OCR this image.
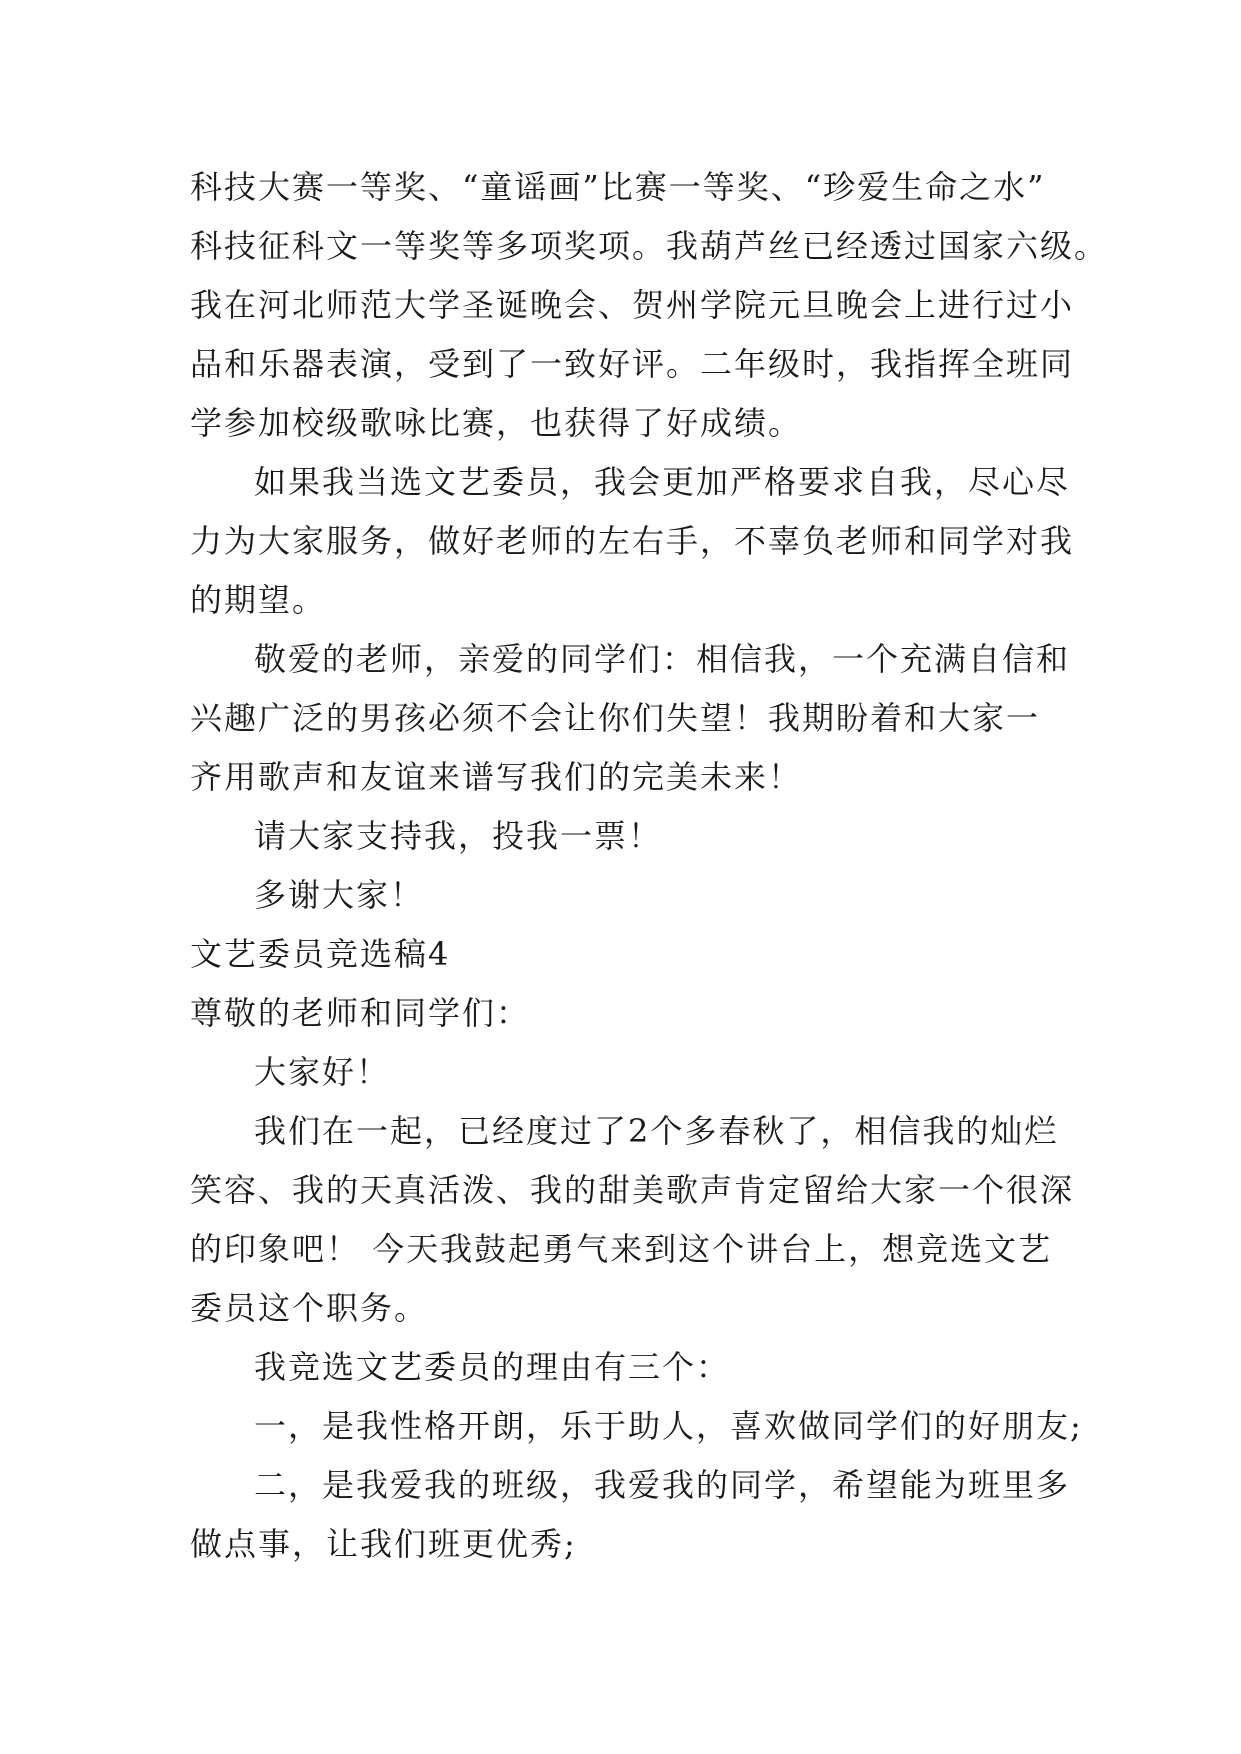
科技大赛一等奖、“童谣画”比赛一等奖、“珍爱生命之水”
科技征科文一等奖等多项奖项。我葫芦丝已经透过国家六级。
我在河北师范大学圣诞晚会、贺州学院元旦晚会上进行过小
品和乐器表演，受到了一致好评。二年级时，我指挥全班同
学参加校级歌咏比赛，也获得了好成绩。
如果我当选文艺委员，我会更加严格要求自我，尽心尽
力为大家服务，做好老师的左右手，不辜负老师和同学对我
的期望。
敬爱的老师，亲爱的同学们：相信我，一个充满自信和
兴趣广泛的男孩必须不会让你们失望！我期盼着和大家一
齐用歌声和友谊来谱写我们的完美未来！
请大家支持我，投我一票！
多谢大家！
文艺委员竞选稿4
尊敬的老师和同学们：
大家好！
我们在一起，已经度过了2个多春秋了，相信我的灿烂
笑容、我的天真活泼、我的甜美歌声肯定留给大家一个很深
的印象吧！ 今天我鼓起勇气来到这个讲台上，想竞选文艺
委员这个职务。
我竞选文艺委员的理由有三个：
一，是我性格开朗，乐于助人，喜欢做同学们的好朋友;
二，是我爱我的班级，我爱我的同学，希望能为班里多
做点事，让我们班更优秀;
